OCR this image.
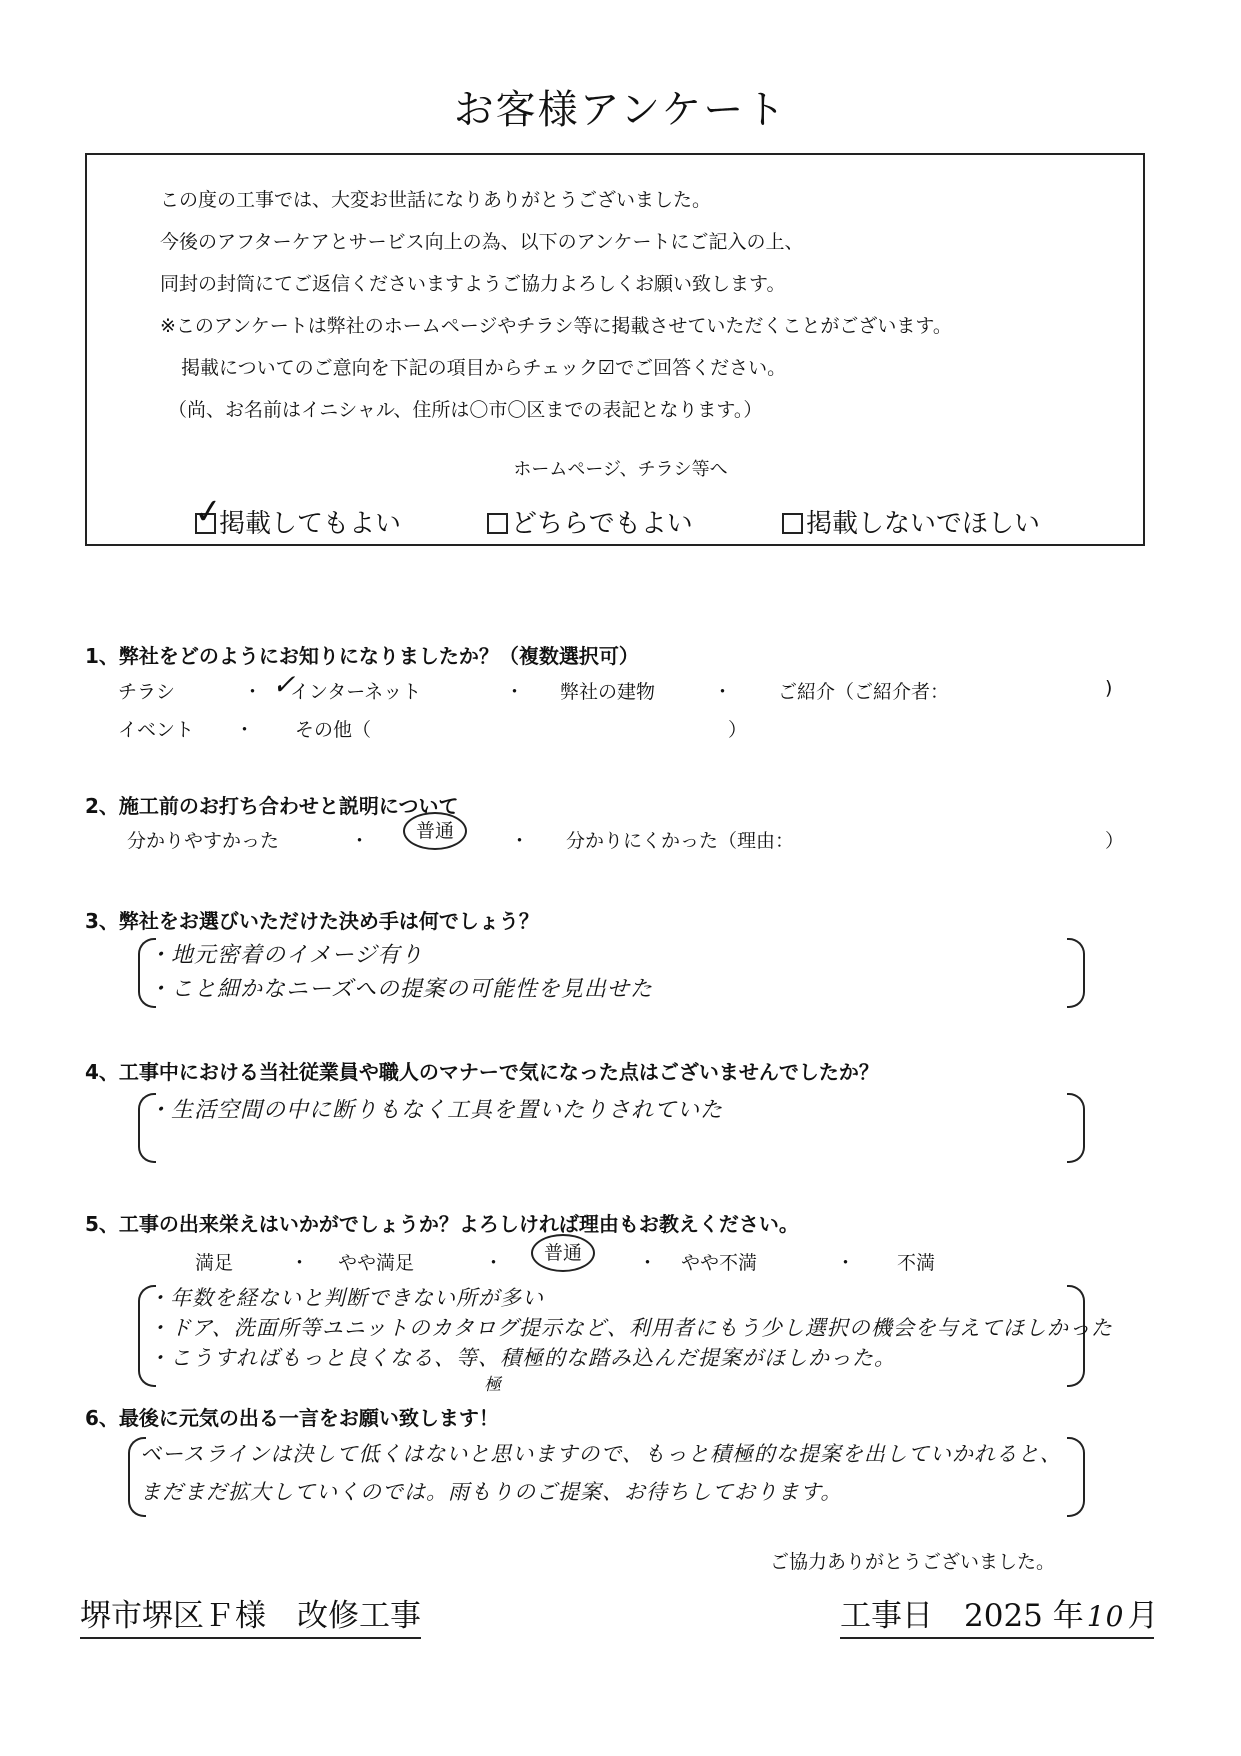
お客様アンケート
この度の工事では、大変お世話になりありがとうございました。
今後のアフターケアとサービス向上の為、以下のアンケートにご記入の上、
同封の封筒にてご返信くださいますようご協力よろしくお願い致します。
※このアンケートは弊社のホームページやチラシ等に掲載させていただくことがございます。
掲載についてのご意向を下記の項目からチェック☑でご回答ください。
（尚、お名前はイニシャル、住所は〇市〇区までの表記となります。）
ホームページ、チラシ等へ
✓
掲載してもよい	どちらでもよい	掲載しないでほしい
1、弊社をどのようにお知りになりましたか？（複数選択可）
チラシ	・ ✓
インターネット	・ 弊社の建物	・ ご紹介（ご紹介者：	)
イベント ・ その他（	）
2、施工前のお打ち合わせと説明について
分かりやすかった	・	普通	・ 分かりにくかった（理由：	）
3、弊社をお選びいただけた決め手は何でしょう？
・地元密着のイメージ有り
・こと細かなニーズへの提案の可能性を見出せた
4、工事中における当社従業員や職人のマナーで気になった点はございませんでしたか？
・生活空間の中に断りもなく工具を置いたりされていた
5、工事の出来栄えはいかがでしょうか？よろしければ理由もお教えください。
満足	・ やや満足	・	普通	・ やや不満	・ 不満
・年数を経ないと判断できない所が多い
・ドア、洗面所等ユニットのカタログ提示など、利用者にもう少し選択の機会を与えてほしかった
・こうすればもっと良くなる、等、積極的な踏み込んだ提案がほしかった。
極
6、最後に元気の出る一言をお願い致します！
ベースラインは決して低くはないと思いますので、もっと積極的な提案を出していかれると、
まだまだ拡大していくのでは。雨もりのご提案、お待ちしております。
ご協力ありがとうございました。
堺市堺区Ｆ様　改修工事	工事日　2025 年 10月
